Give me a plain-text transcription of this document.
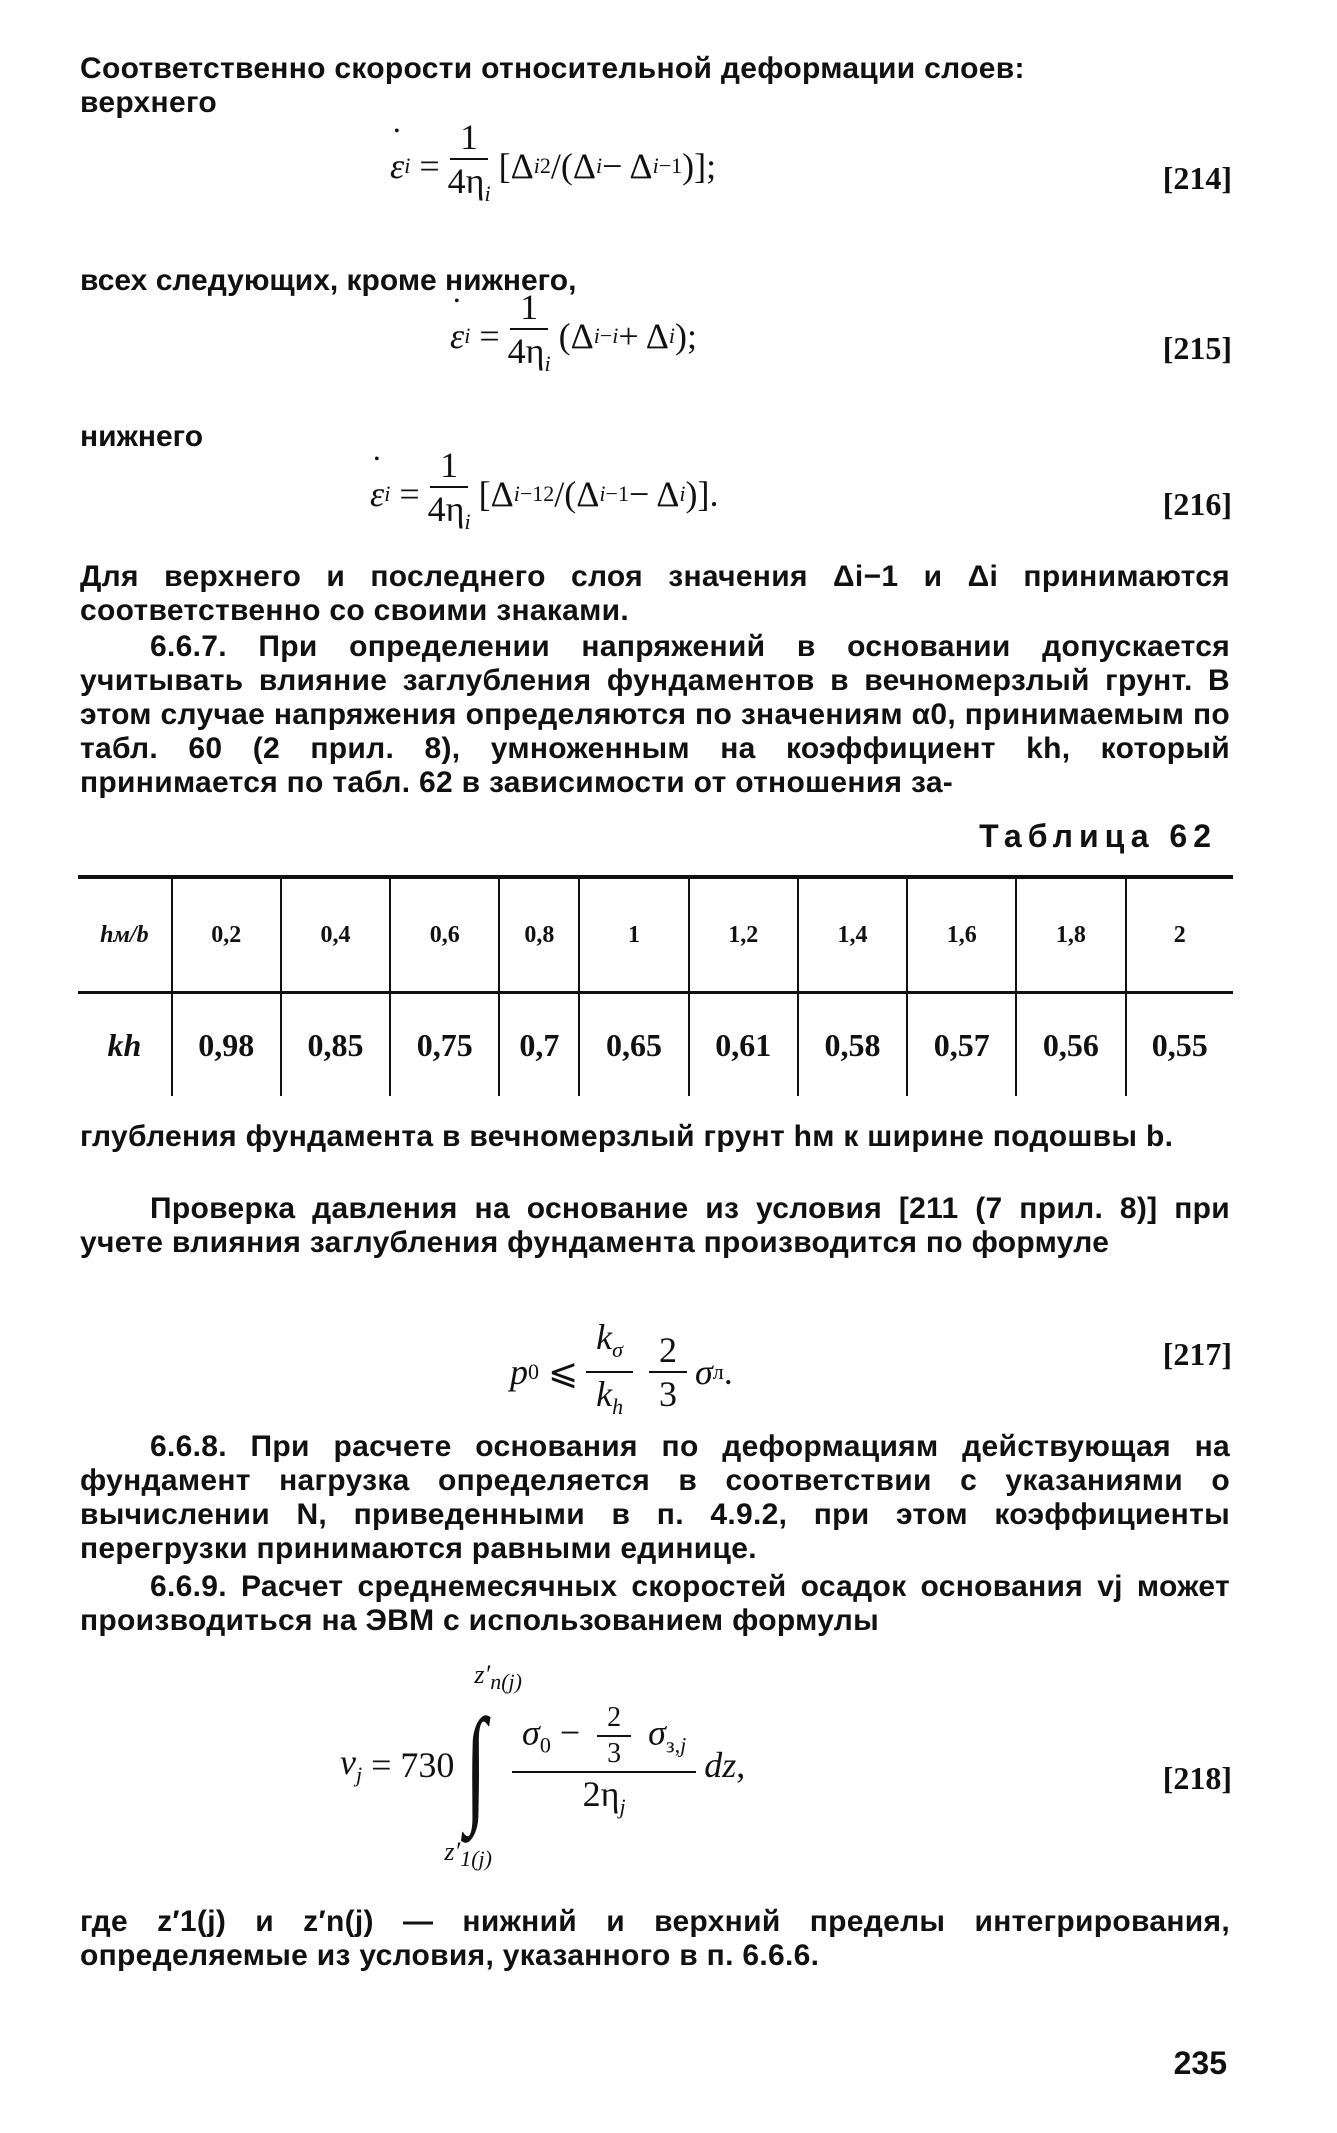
Соответственно скорости относительной деформации слоев:
верхнего
• ε $i = \frac{1}{4\eta_i} [\Delta$ i 2 /(Δ i − Δ i−1 )];	[214]
всех следующих, кроме нижнего,
• ε $i = \frac{1}{4\eta_i} (\Delta$ i−i + Δ i );	[215]
нижнего
• ε $i = \frac{1}{4\eta_i} [\Delta$ i−1 2 /(Δ i−1 − Δ i )].	[216]
Для верхнего и последнего слоя значения Δi−1 и Δi принимаются соответственно со своими знаками.
6.6.7. При определении напряжений в основании допускается учитывать влияние заглубления фундаментов в вечномерзлый грунт. В этом случае напряжения определяются по значениям α0, принимаемым по табл. 60 (2 прил. 8), умноженным на коэффициент kh, который принимается по табл. 62 в зависимости от отношения за-
Таблица 62
hм/b	0,2	0,4	0,6	0,8	1	1,2	1,4	1,6	1,8	2
kh	0,98	0,85	0,75	0,7	0,65	0,61	0,58	0,57	0,56	0,55
глубления фундамента в вечномерзлый грунт hм к ширине подошвы b.
Проверка давления на основание из условия [211 (7 прил. 8)] при учете влияния заглубления фундамента производится по формуле
p 0 ⩽ $\frac{k_\sigma}{k_h} \frac{2}{3}$ σ л .	[217]
6.6.8. При расчете основания по деформациям действующая на фундамент нагрузка определяется в соответствии с указаниями о вычислении N, приведенными в п. 4.9.2, при этом коэффициенты перегрузки принимаются равными единице.
6.6.9. Расчет среднемесячных скоростей осадок основания vj может производиться на ЭВМ с использованием формулы
$v_j = 730$
$z'_{n(j)}$
∫
$z'_{1(j)}$
$\frac{\sigma_0 - \frac{2}{3} \sigma_{з,j}}{2\eta_j}$ dz ,	[218]
где z′1(j) и z′n(j) — нижний и верхний пределы интегрирования, определяемые из условия, указанного в п. 6.6.6.
235
